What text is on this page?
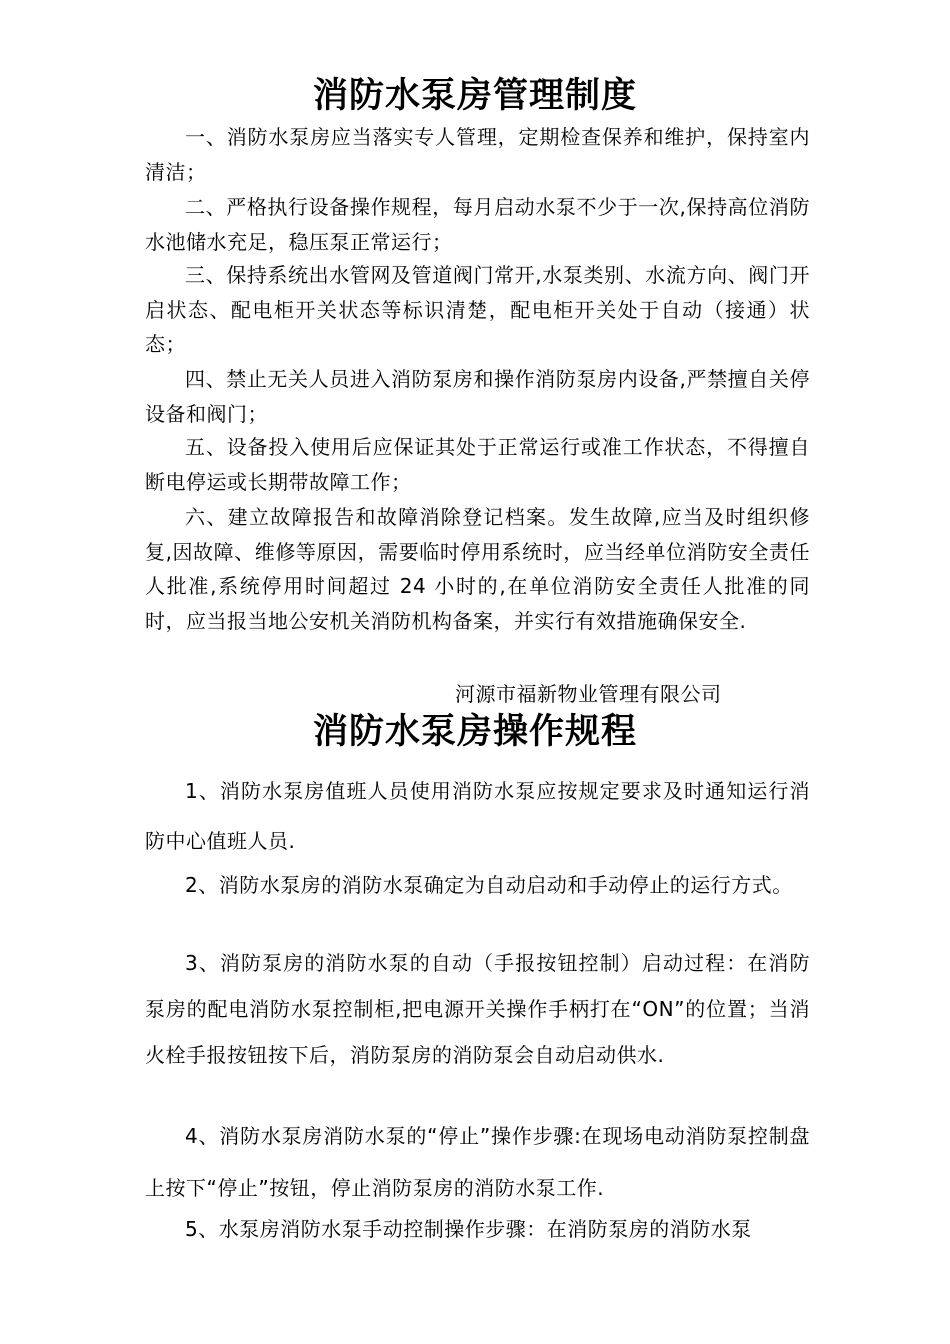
消防水泵房管理制度

一、消防水泵房应当落实专人管理，定期检查保养和维护，保持室内清洁；

二、严格执行设备操作规程，每月启动水泵不少于一次,保持高位消防水池储水充足，稳压泵正常运行；

三、保持系统出水管网及管道阀门常开,水泵类别、水流方向、阀门开启状态、配电柜开关状态等标识清楚，配电柜开关处于自动（接通）状态；

四、禁止无关人员进入消防泵房和操作消防泵房内设备,严禁擅自关停设备和阀门；

五、设备投入使用后应保证其处于正常运行或准工作状态，不得擅自断电停运或长期带故障工作；

六、建立故障报告和故障消除登记档案。发生故障,应当及时组织修复,因故障、维修等原因，需要临时停用系统时，应当经单位消防安全责任人批准,系统停用时间超过 24 小时的,在单位消防安全责任人批准的同时，应当报当地公安机关消防机构备案，并实行有效措施确保安全.

河源市福新物业管理有限公司
消防水泵房操作规程

1、消防水泵房值班人员使用消防水泵应按规定要求及时通知运行消防中心值班人员.

2、消防水泵房的消防水泵确定为自动启动和手动停止的运行方式。

3、消防泵房的消防水泵的自动（手报按钮控制）启动过程：在消防泵房的配电消防水泵控制柜,把电源开关操作手柄打在“ON”的位置；当消火栓手报按钮按下后，消防泵房的消防泵会自动启动供水.

4、消防水泵房消防水泵的“停止”操作步骤:在现场电动消防泵控制盘上按下“停止”按钮，停止消防泵房的消防水泵工作.

5、水泵房消防水泵手动控制操作步骤：在消防泵房的消防水泵
